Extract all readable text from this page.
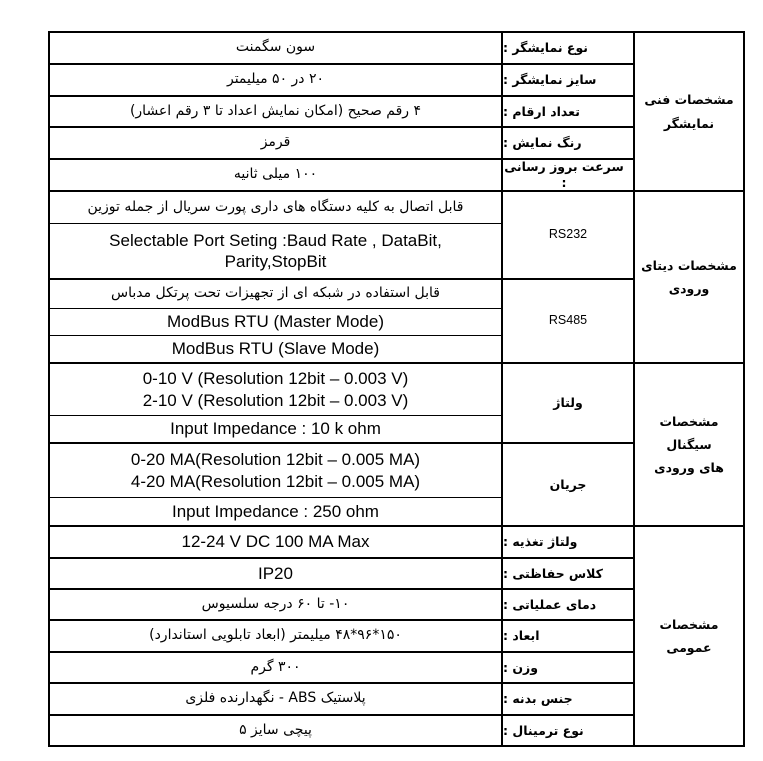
مشخصات فنی
نمایشگر
نوع نمایشگر :
سون سگمنت
سایز نمایشگر :
۲۰ در ۵۰ میلیمتر
تعداد ارقام :
۴ رقم صحیح (امکان نمایش اعداد تا ۳ رقم اعشار)
رنگ نمایش :
قرمز
سرعت بروز رسانی :
۱۰۰ میلی ثانیه
مشخصات دیتای
ورودی
RS232
قابل اتصال به کلیه دستگاه های داری پورت سریال از جمله توزین
Selectable Port Seting :Baud Rate , DataBit,
Parity,StopBit
RS485
قابل استفاده در شبکه ای از تجهیزات تحت پرتکل مدباس
ModBus RTU (Master Mode)
ModBus RTU (Slave Mode)
مشخصات سیگنال
های ورودی
ولتاژ
0-10 V (Resolution 12bit – 0.003 V)
2-10 V (Resolution 12bit – 0.003 V)
Input Impedance : 10 k ohm
جریان
0-20 MA(Resolution 12bit – 0.005 MA)
4-20 MA(Resolution 12bit – 0.005 MA)
Input Impedance : 250 ohm
مشخصات عمومی
ولتاژ تغذیه :
12-24 V DC 100 MA Max
کلاس حفاظتی :
IP20
دمای عملیاتی :
۱۰- تا ۶۰ درجه سلسیوس
ابعاد :
۱۵۰*۹۶*۴۸ میلیمتر (ابعاد تابلویی استاندارد)
وزن :
۳۰۰ گرم
جنس بدنه :
پلاستیک ABS - نگهدارنده فلزی
نوع ترمینال :
پیچی سایز ۵
